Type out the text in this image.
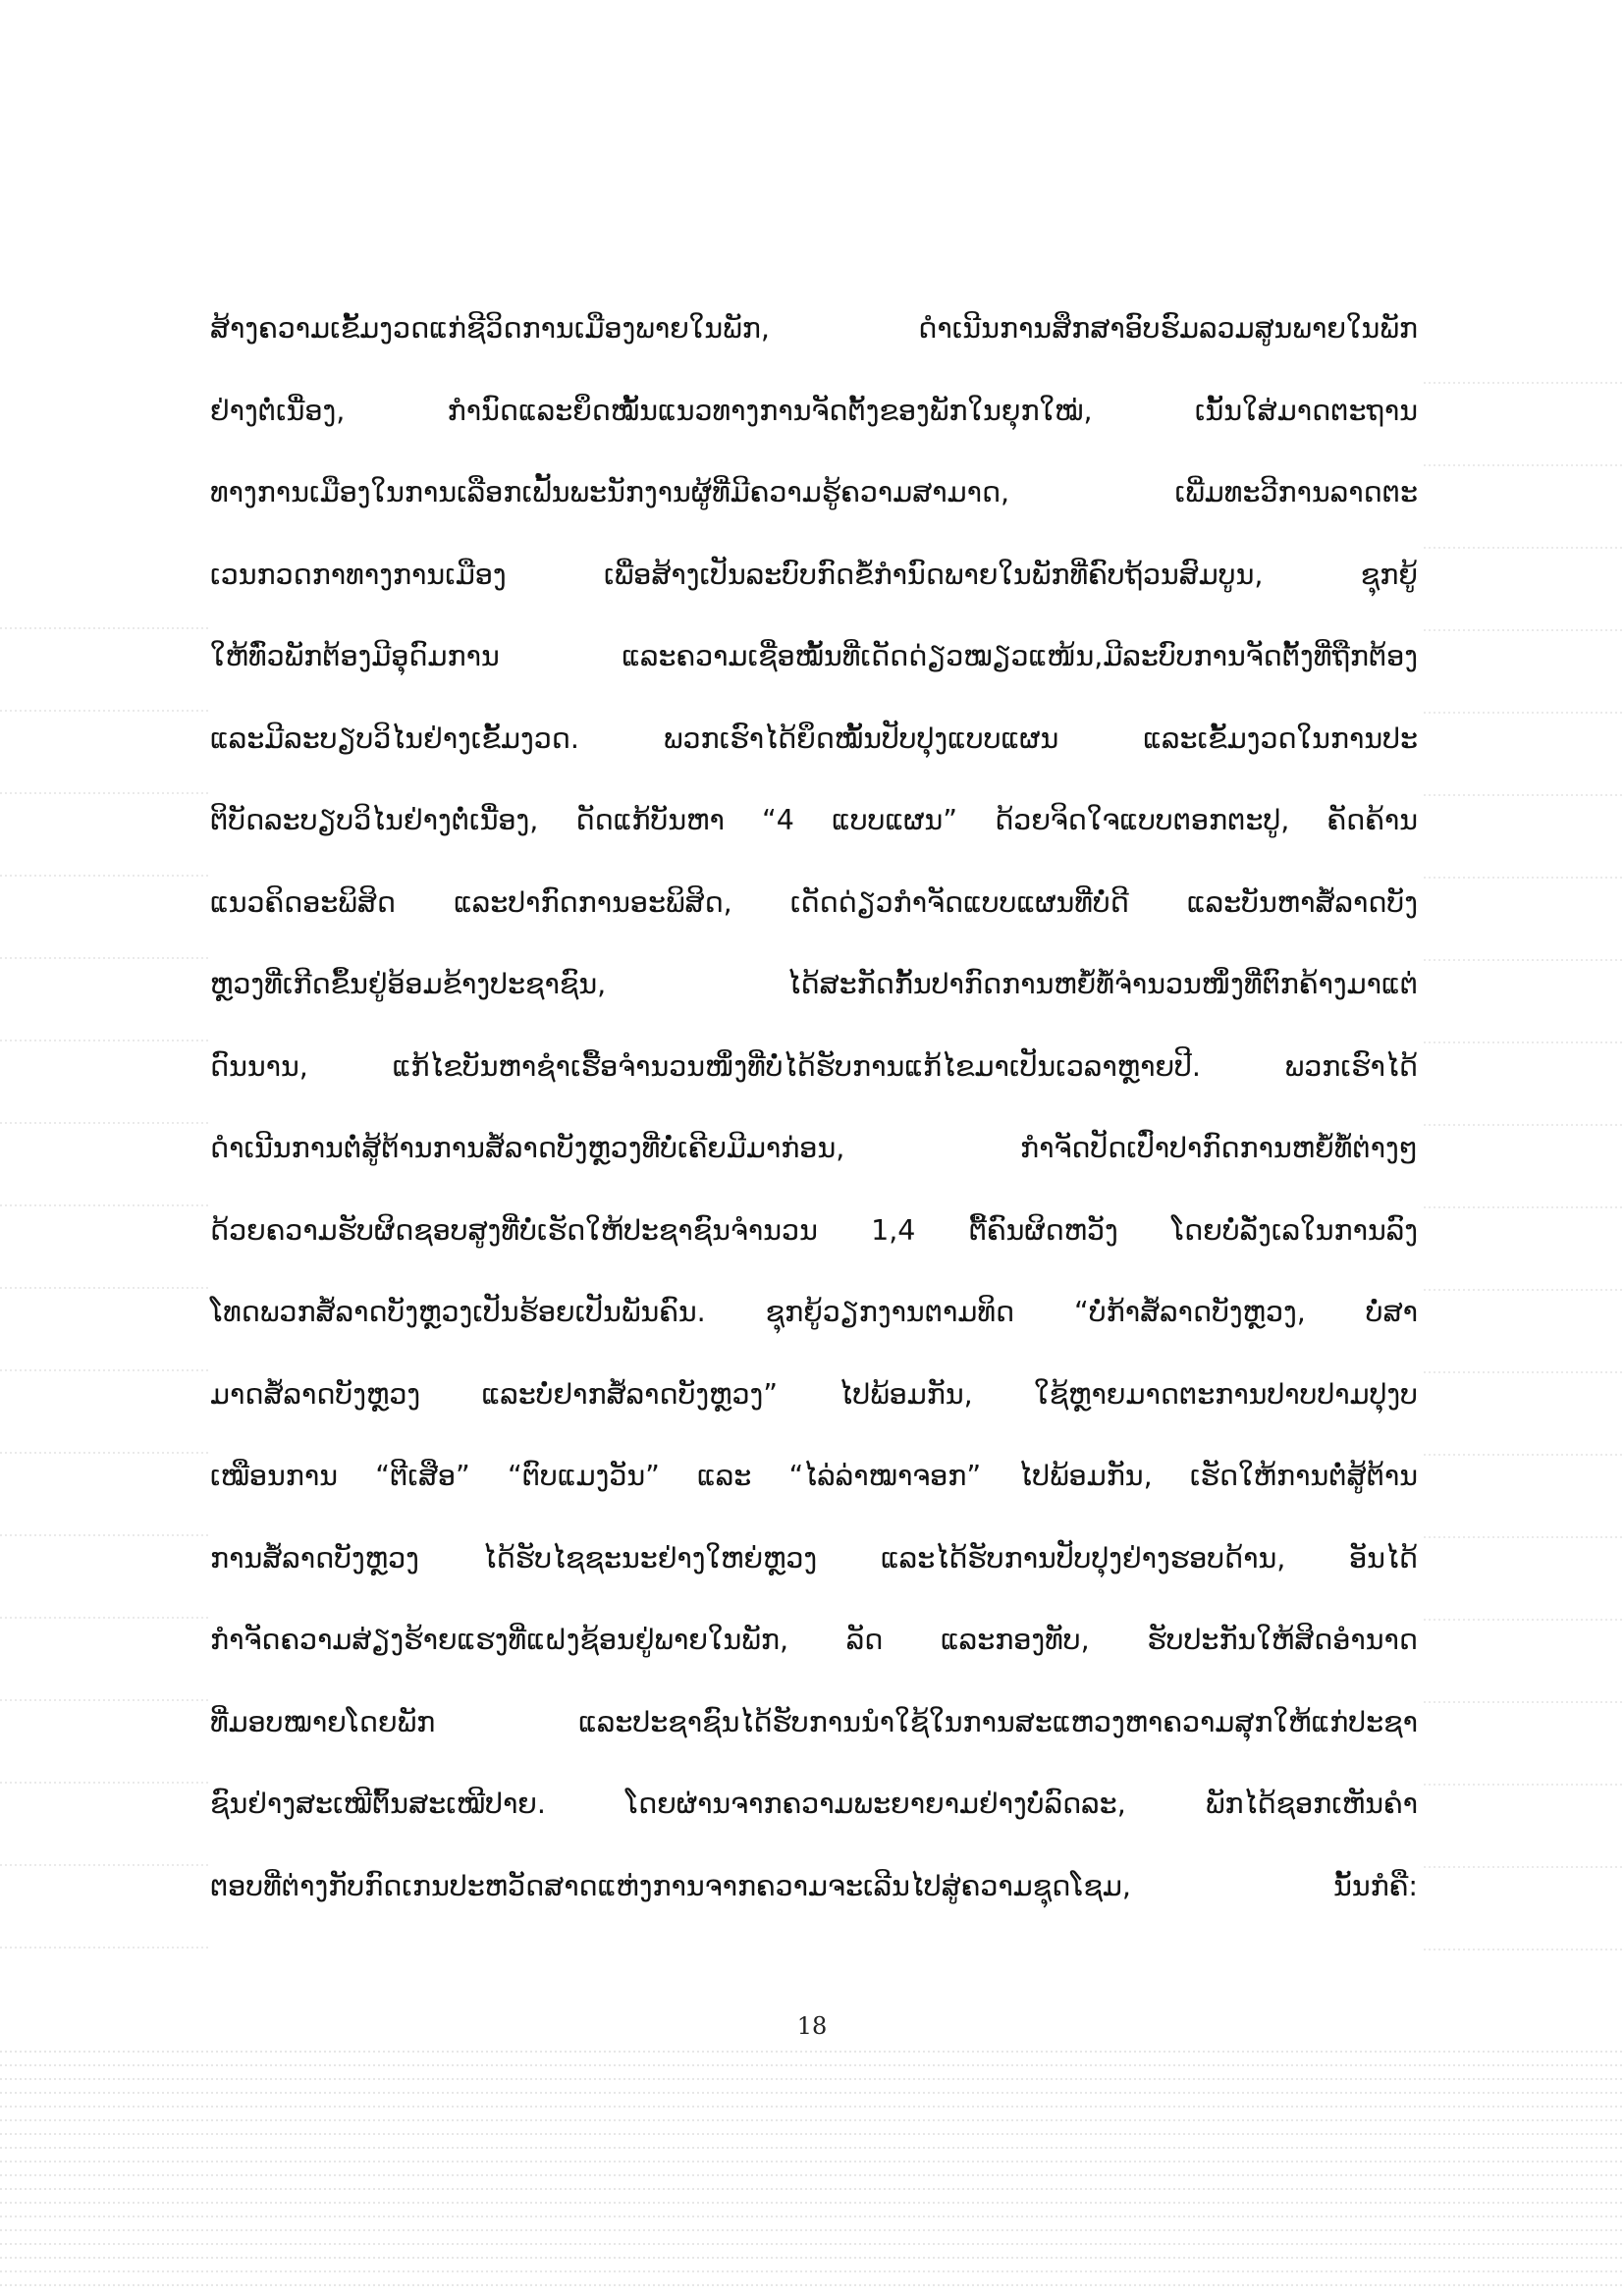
ສ້າງຄວາມເຂັ້ມງວດແກ່ຊີວິດການເມືອງພາຍໃນພັກ, ດຳເນີນການສຶກສາອົບຮົມລວມສູນພາຍໃນພັກ
ຢ່າງຕໍ່ເນື່ອງ, ກຳນົດແລະຍຶດໝັ້ນແນວທາງການຈັດຕັ້ງຂອງພັກໃນຍຸກໃໝ່, ເນັ້ນໃສ່ມາດຕະຖານ
ທາງການເມືອງໃນການເລືອກເຟັ້ນພະນັກງານຜູ້ທີ່ມີຄວາມຮູ້ຄວາມສາມາດ, ເພີ່ມທະວີການລາດຕະ
ເວນກວດກາທາງການເມືອງ ເພື່ອສ້າງເປັນລະບົບກົດຂໍ້ກຳນົດພາຍໃນພັກທີ່ຄົບຖ້ວນສົມບູນ, ຊຸກຍູ້
ໃຫ້ທົ່ວພັກຕ້ອງມີອຸດົມການ ແລະຄວາມເຊື່ອໝັ້ນທີ່ເດັດດ່ຽວໝຽວແໜ້ນ,ມີລະບົບການຈັດຕັ້ງທີ່ຖືກຕ້ອງ
ແລະມີລະບຽບວິໄນຢ່າງເຂັ້ມງວດ. ພວກເຮົາໄດ້ຍຶດໝັ້ນປັບປຸງແບບແຜນ ແລະເຂັ້ມງວດໃນການປະ
ຕິບັດລະບຽບວິໄນຢ່າງຕໍ່ເນື່ອງ, ດັດແກ້ບັນຫາ “4 ແບບແຜນ” ດ້ວຍຈິດໃຈແບບຕອກຕະປູ, ຄັດຄ້ານ
ແນວຄິດອະພິສິດ ແລະປາກົດການອະພິສິດ, ເດັດດ່ຽວກຳຈັດແບບແຜນທີ່ບໍ່ດີ ແລະບັນຫາສໍ້ລາດບັງ
ຫຼວງທີ່ເກີດຂຶ້ນຢູ່ອ້ອມຂ້າງປະຊາຊົນ, ໄດ້ສະກັດກັ້ນປາກົດການຫຍໍ້ທໍ້ຈຳນວນໜຶ່ງທີ່ຕົກຄ້າງມາແຕ່
ດົນນານ, ແກ້ໄຂບັນຫາຊຳເຮື້ອຈຳນວນໜຶ່ງທີ່ບໍ່ໄດ້ຮັບການແກ້ໄຂມາເປັນເວລາຫຼາຍປີ. ພວກເຮົາໄດ້
ດຳເນີນການຕໍ່ສູ້ຕ້ານການສໍ້ລາດບັງຫຼວງທີ່ບໍ່ເຄີຍມີມາກ່ອນ, ກຳຈັດປັດເປົ່າປາກົດການຫຍໍ້ທໍ້ຕ່າງໆ
ດ້ວຍຄວາມຮັບຜິດຊອບສູງທີ່ບໍ່ເຮັດໃຫ້ປະຊາຊົນຈຳນວນ 1,4 ຕື້ຄົນຜິດຫວັງ ໂດຍບໍ່ລັ່ງເລໃນການລົງ
ໂທດພວກສໍ້ລາດບັງຫຼວງເປັນຮ້ອຍເປັນພັນຄົນ. ຊຸກຍູ້ວຽກງານຕາມທິດ “ບໍ່ກ້າສໍ້ລາດບັງຫຼວງ, ບໍ່ສາ
ມາດສໍ້ລາດບັງຫຼວງ ແລະບໍ່ຢາກສໍ້ລາດບັງຫຼວງ” ໄປພ້ອມກັນ, ໃຊ້ຫຼາຍມາດຕະການປາບປາມປຸງບ
ເໝືອນການ “ຕີເສືອ” “ຕົບແມງວັນ” ແລະ “ໄລ່ລ່າໝາຈອກ” ໄປພ້ອມກັນ, ເຮັດໃຫ້ການຕໍ່ສູ້ຕ້ານ
ການສໍ້ລາດບັງຫຼວງ ໄດ້ຮັບໄຊຊະນະຢ່າງໃຫຍ່ຫຼວງ ແລະໄດ້ຮັບການປັບປຸງຢ່າງຮອບດ້ານ, ອັນໄດ້
ກຳຈັດຄວາມສ່ຽງຮ້າຍແຮງທີ່ແຝງຊ້ອນຢູ່ພາຍໃນພັກ, ລັດ ແລະກອງທັບ, ຮັບປະກັນໃຫ້ສິດອຳນາດ
ທີ່ມອບໝາຍໂດຍພັກ ແລະປະຊາຊົນໄດ້ຮັບການນຳໃຊ້ໃນການສະແຫວງຫາຄວາມສຸກໃຫ້ແກ່ປະຊາ
ຊົນຢ່າງສະເໝີຕົ້ນສະເໝີປາຍ. ໂດຍຜ່ານຈາກຄວາມພະຍາຍາມຢ່າງບໍ່ລົດລະ, ພັກໄດ້ຊອກເຫັນຄຳ
ຕອບທີ່ຕ່າງກັບກົດເກນປະຫວັດສາດແຫ່ງການຈາກຄວາມຈະເລີນໄປສູ່ຄວາມຊຸດໂຊມ, ນັ້ນກໍຄື:
18
